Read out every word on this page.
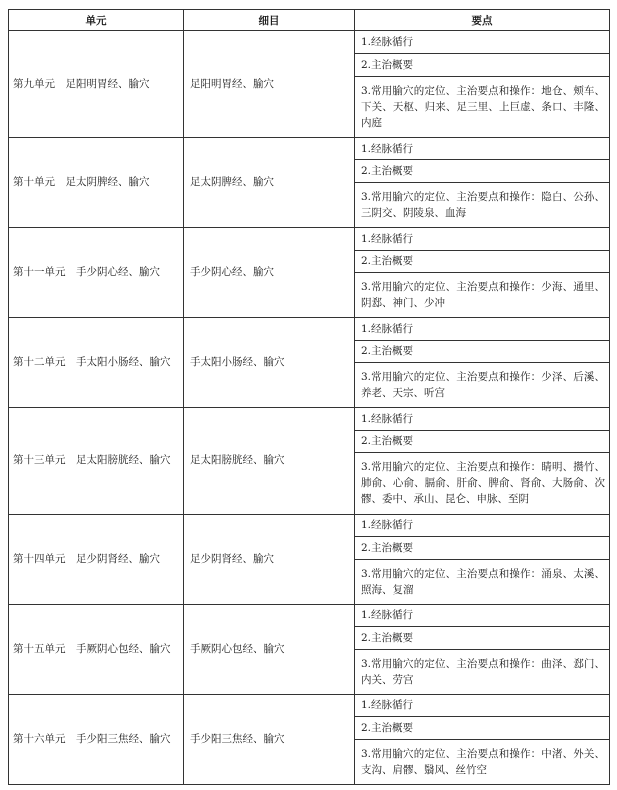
单元	细目	要点
第九单元　足阳明胃经、腧穴	足阳明胃经、腧穴	1.经脉循行
		2.主治概要
		3.常用腧穴的定位、主治要点和操作：地仓、颊车、下关、天枢、归来、足三里、上巨虚、条口、丰隆、内庭
第十单元　足太阴脾经、腧穴	足太阴脾经、腧穴	1.经脉循行
		2.主治概要
		3.常用腧穴的定位、主治要点和操作：隐白、公孙、三阴交、阴陵泉、血海
第十一单元　手少阴心经、腧穴	手少阴心经、腧穴	1.经脉循行
		2.主治概要
		3.常用腧穴的定位、主治要点和操作：少海、通里、阴郄、神门、少冲
第十二单元　手太阳小肠经、腧穴	手太阳小肠经、腧穴	1.经脉循行
		2.主治概要
		3.常用腧穴的定位、主治要点和操作：少泽、后溪、养老、天宗、听宫
第十三单元　足太阳膀胱经、腧穴	足太阳膀胱经、腧穴	1.经脉循行
		2.主治概要
		3.常用腧穴的定位、主治要点和操作：睛明、攒竹、肺俞、心俞、膈俞、肝俞、脾俞、肾俞、大肠俞、次髎、委中、承山、昆仑、申脉、至阴
第十四单元　足少阴肾经、腧穴	足少阴肾经、腧穴	1.经脉循行
		2.主治概要
		3.常用腧穴的定位、主治要点和操作：涌泉、太溪、照海、复溜
第十五单元　手厥阴心包经、腧穴	手厥阴心包经、腧穴	1.经脉循行
		2.主治概要
		3.常用腧穴的定位、主治要点和操作：曲泽、郄门、内关、劳宫
第十六单元　手少阳三焦经、腧穴	手少阳三焦经、腧穴	1.经脉循行
		2.主治概要
		3.常用腧穴的定位、主治要点和操作：中渚、外关、支沟、肩髎、翳风、丝竹空
